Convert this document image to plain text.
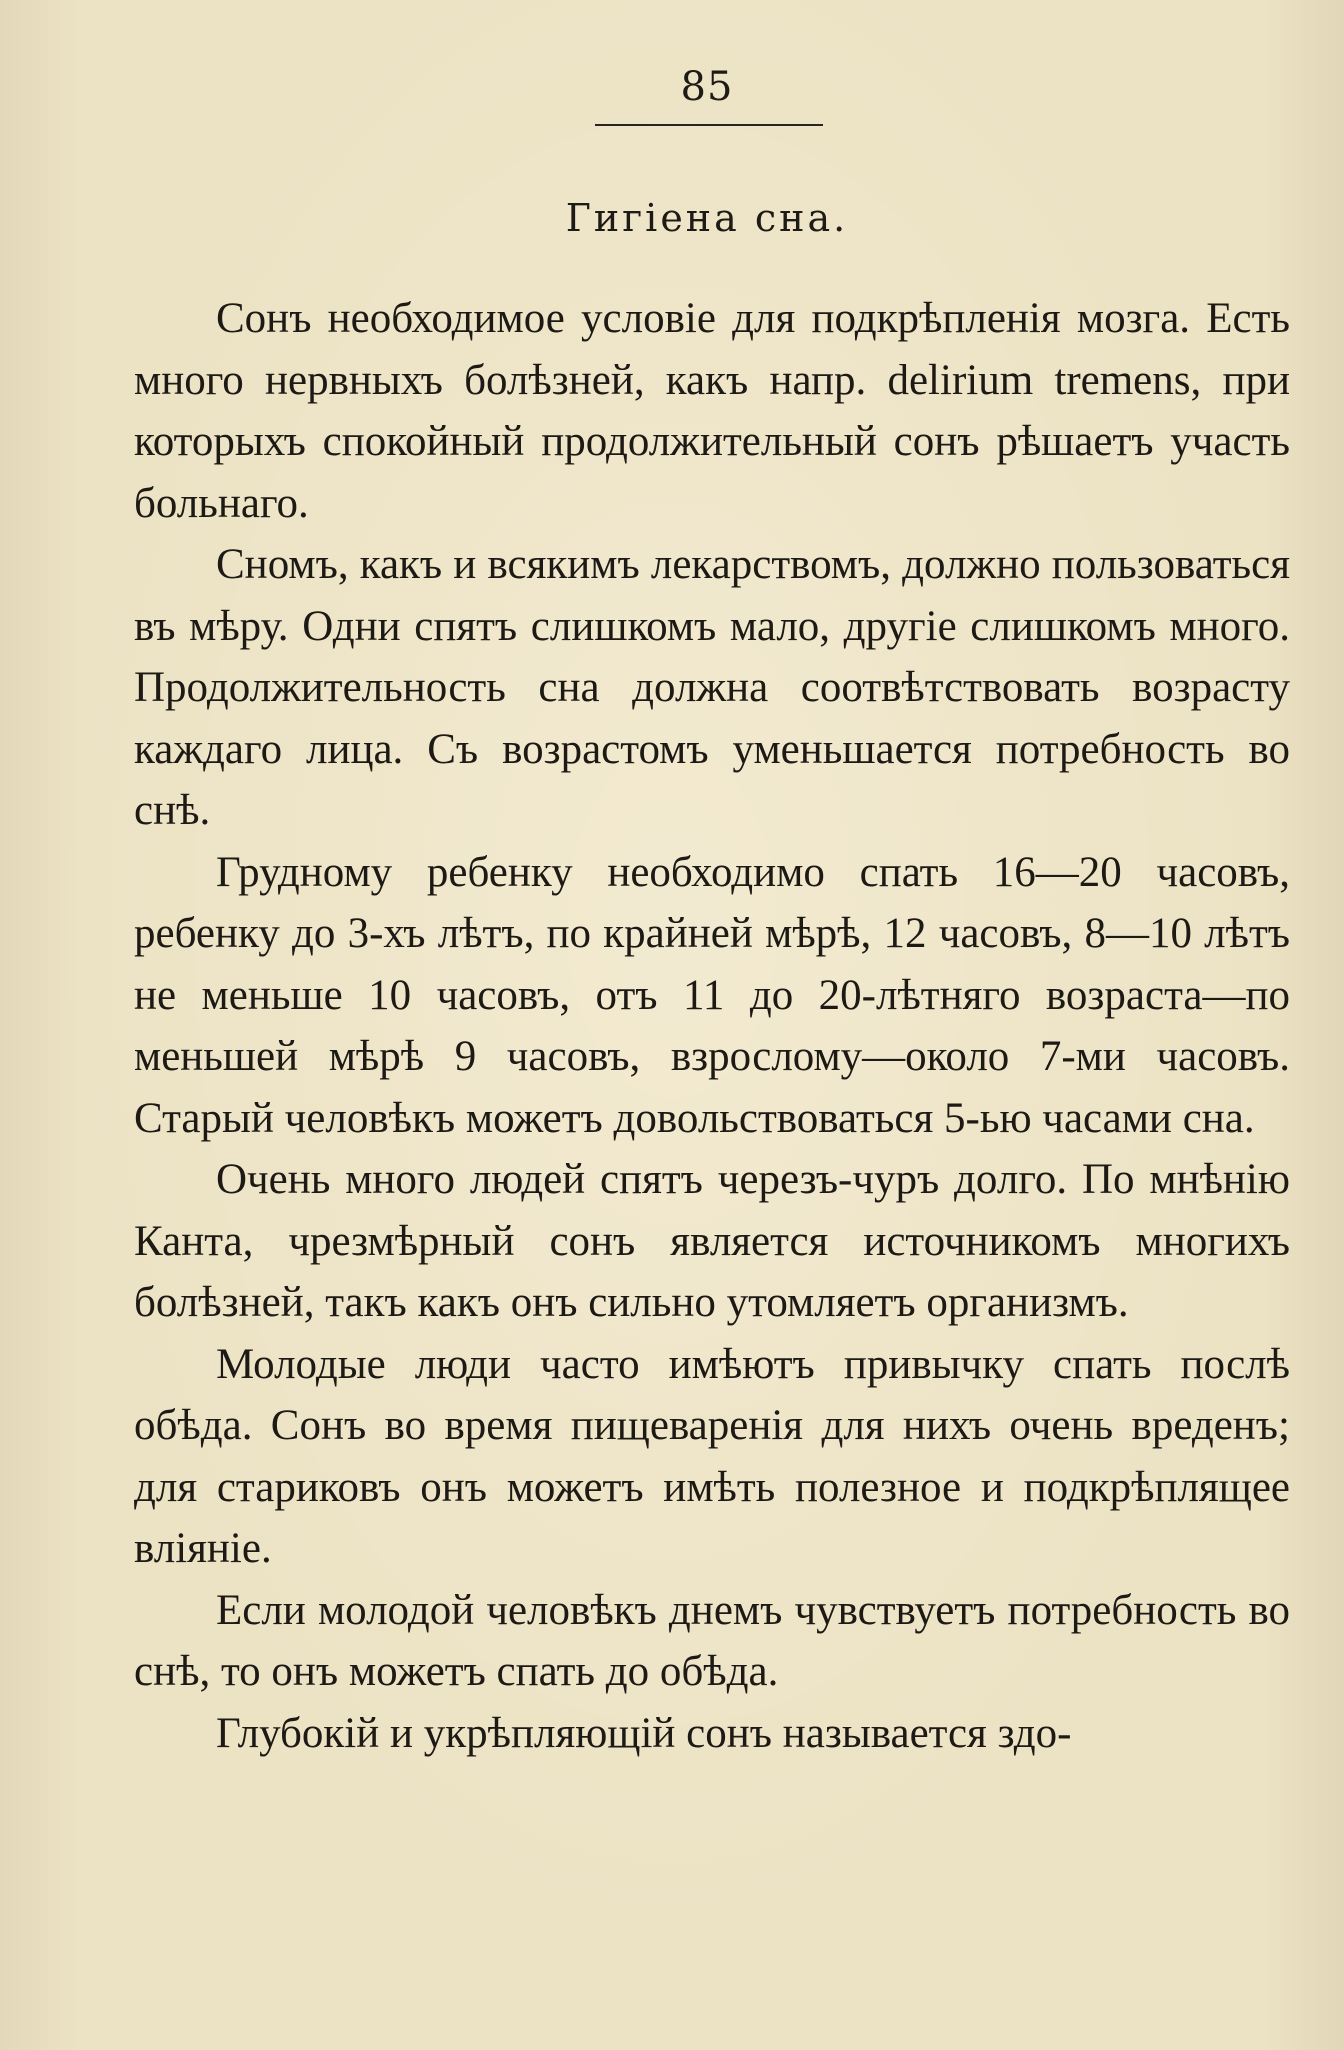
85
Гигіена сна.

Сонъ необходимое условіе для подкрѣпленія мозга. Есть много нервныхъ болѣзней, какъ напр. delirium tremens, при которыхъ спокойный продолжительный сонъ рѣшаетъ участь больнаго.

Сномъ, какъ и всякимъ лекарствомъ, должно пользоваться въ мѣру. Одни спятъ слишкомъ мало, другіе слишкомъ много. Продолжительность сна должна соотвѣтствовать возрасту каждаго лица. Съ возрастомъ уменьшается потребность во снѣ.

Грудному ребенку необходимо спать 16—20 часовъ, ребенку до 3-хъ лѣтъ, по крайней мѣрѣ, 12 часовъ, 8—10 лѣтъ не меньше 10 часовъ, отъ 11 до 20-лѣтняго возраста—по меньшей мѣрѣ 9 часовъ, взрослому—около 7-ми часовъ. Старый человѣкъ можетъ довольствоваться 5-ью часами сна.

Очень много людей спятъ черезъ-чуръ долго. По мнѣнію Канта, чрезмѣрный сонъ является источникомъ многихъ болѣзней, такъ какъ онъ сильно утомляетъ организмъ.

Молодые люди часто имѣютъ привычку спать послѣ обѣда. Сонъ во время пищеваренія для нихъ очень вреденъ; для стариковъ онъ можетъ имѣть полезное и подкрѣплящее вліяніе.

Если молодой человѣкъ днемъ чувствуетъ потребность во снѣ, то онъ можетъ спать до обѣда.

Глубокій и укрѣпляющій сонъ называется здо-
